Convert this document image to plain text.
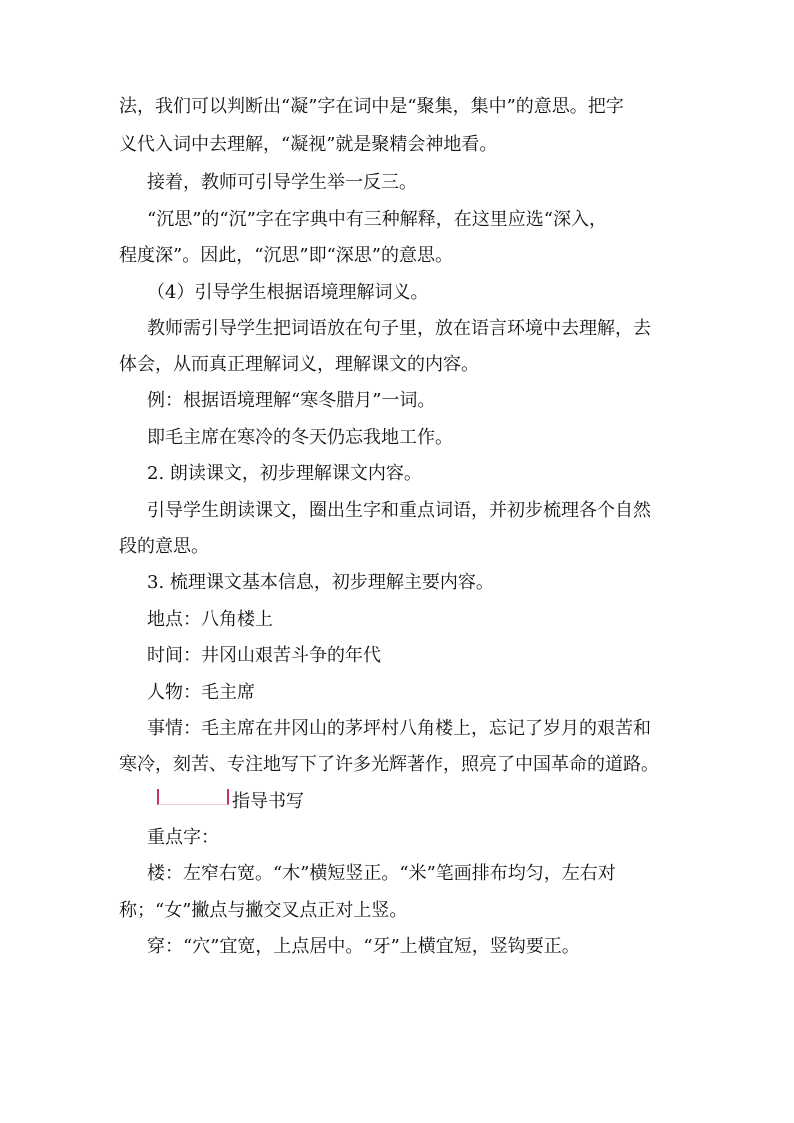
法，我们可以判断出“凝”字在词中是“聚集，集中”的意思。把字
义代入词中去理解，“凝视”就是聚精会神地看。
接着，教师可引导学生举一反三。
“沉思”的“沉”字在字典中有三种解释，在这里应选“深入，
程度深”。因此，“沉思”即“深思”的意思。
（4）引导学生根据语境理解词义。
教师需引导学生把词语放在句子里，放在语言环境中去理解，去
体会，从而真正理解词义，理解课文的内容。
例：根据语境理解“寒冬腊月”一词。
即毛主席在寒冷的冬天仍忘我地工作。
2. 朗读课文，初步理解课文内容。
引导学生朗读课文，圈出生字和重点词语，并初步梳理各个自然
段的意思。
3. 梳理课文基本信息，初步理解主要内容。
地点：八角楼上
时间：井冈山艰苦斗争的年代
人物：毛主席
事情：毛主席在井冈山的茅坪村八角楼上，忘记了岁月的艰苦和
寒冷，刻苦、专注地写下了许多光辉著作，照亮了中国革命的道路。
指导书写
重点字：
楼：左窄右宽。“木”横短竖正。“米”笔画排布均匀，左右对
称；“女”撇点与撇交叉点正对上竖。
穿：“穴”宜宽，上点居中。“牙”上横宜短，竖钩要正。
